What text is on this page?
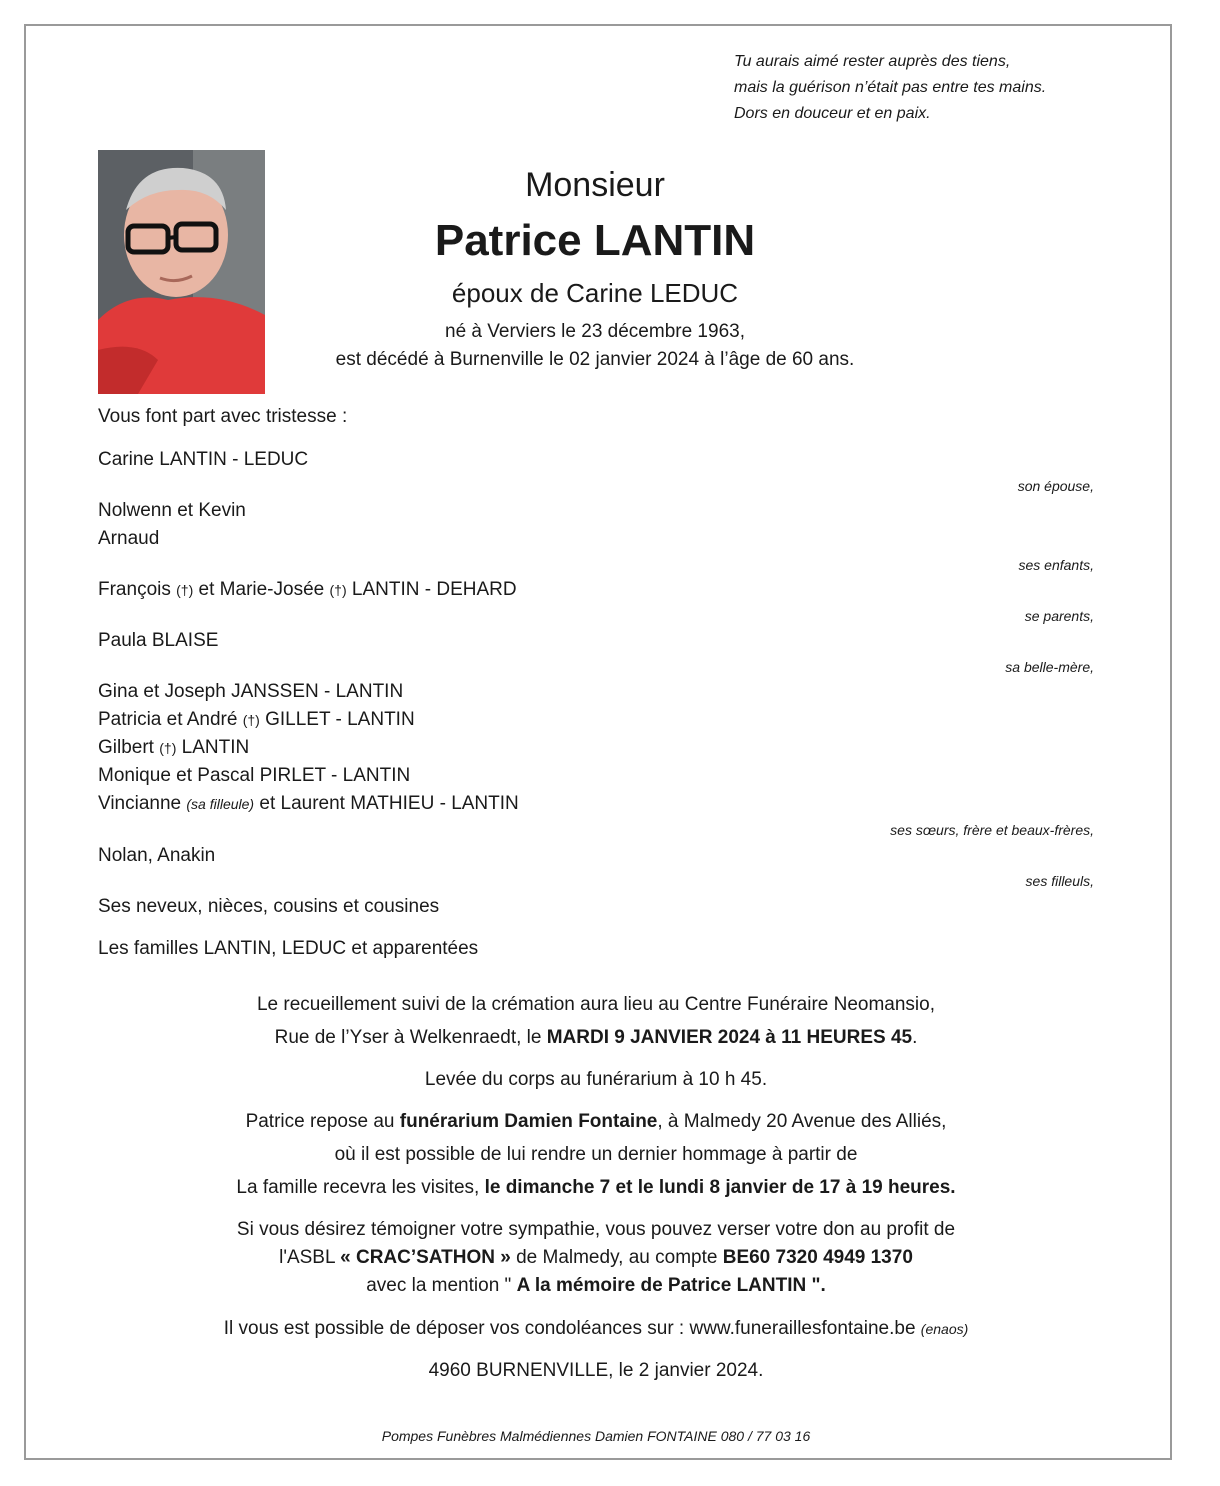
Tu aurais aimé rester auprès des tiens,
mais la guérison n’était pas entre tes mains.
Dors en douceur et en paix.
Monsieur
Patrice LANTIN
époux de Carine LEDUC
né à Verviers le 23 décembre 1963,
est décédé à Burnenville le 02 janvier 2024 à l’âge de 60 ans.
Vous font part avec tristesse :
Carine LANTIN - LEDUC
son épouse,
Nolwenn et Kevin
Arnaud
ses enfants,
François (†) et Marie-Josée (†) LANTIN - DEHARD
se parents,
Paula BLAISE
sa belle-mère,
Gina et Joseph JANSSEN - LANTIN
Patricia et André (†) GILLET - LANTIN
Gilbert (†) LANTIN
Monique et Pascal PIRLET - LANTIN
Vincianne (sa filleule) et Laurent MATHIEU - LANTIN
ses sœurs, frère et beaux-frères,
Nolan, Anakin
ses filleuls,
Ses neveux, nièces, cousins et cousines
Les familles LANTIN, LEDUC et apparentées
Le recueillement suivi de la crémation aura lieu au Centre Funéraire Neomansio,
Rue de l’Yser à Welkenraedt, le MARDI 9 JANVIER 2024 à 11 HEURES 45.
Levée du corps au funérarium à 10 h 45.
Patrice repose au funérarium Damien Fontaine, à Malmedy 20 Avenue des Alliés,
où il est possible de lui rendre un dernier hommage à partir de
La famille recevra les visites, le dimanche 7 et le lundi 8 janvier de 17 à 19 heures.
Si vous désirez témoigner votre sympathie, vous pouvez verser votre don au profit de
l'ASBL « CRAC’SATHON » de Malmedy, au compte BE60 7320 4949 1370
avec la mention " A la mémoire de Patrice LANTIN ".
Il vous est possible de déposer vos condoléances sur : www.funeraillesfontaine.be (enaos)
4960 BURNENVILLE, le 2 janvier 2024.
Pompes Funèbres Malmédiennes Damien FONTAINE 080 / 77 03 16
